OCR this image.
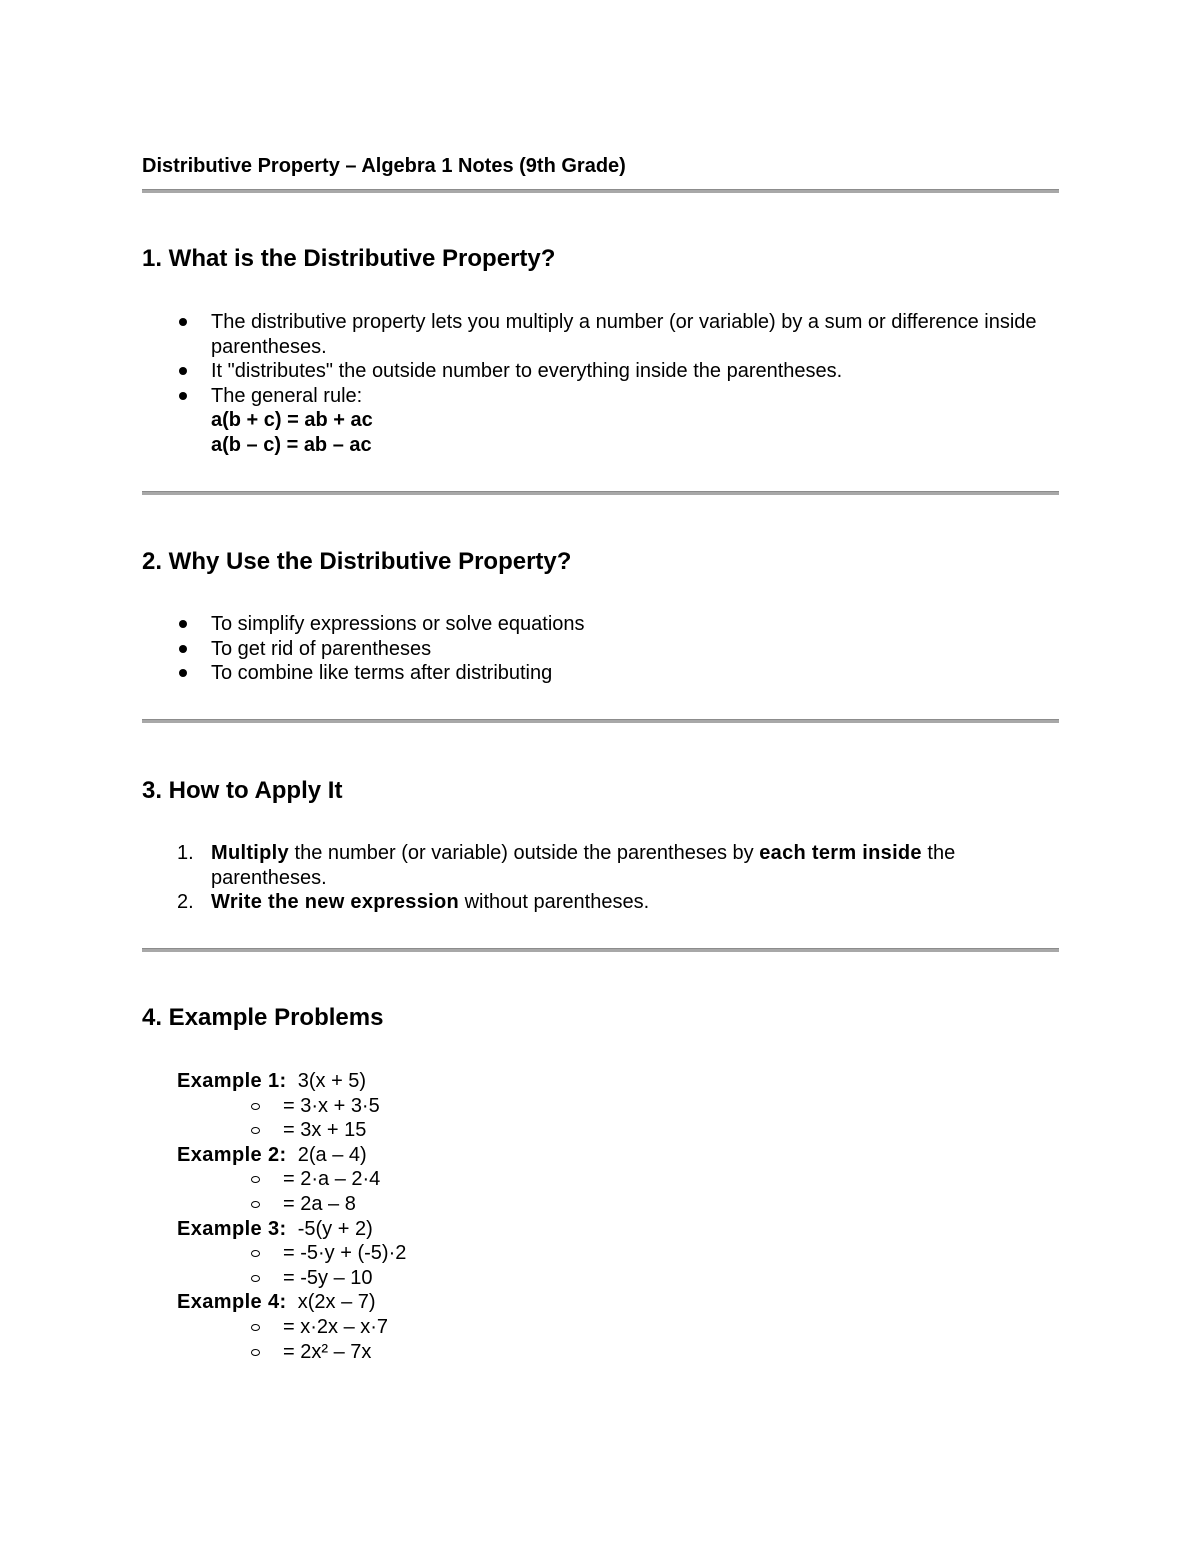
Distributive Property – Algebra 1 Notes (9th Grade)
1. What is the Distributive Property?
The distributive property lets you multiply a number (or variable) by a sum or difference inside parentheses.
It "distributes" the outside number to everything inside the parentheses.
The general rule:
a(b + c) = ab + ac
a(b – c) = ab – ac
2. Why Use the Distributive Property?
To simplify expressions or solve equations
To get rid of parentheses
To combine like terms after distributing
3. How to Apply It
1. Multiply the number (or variable) outside the parentheses by each term inside the parentheses.
2. Write the new expression without parentheses.
4. Example Problems
Example 1: 3(x + 5)
= 3·x + 3·5
= 3x + 15
Example 2: 2(a – 4)
= 2·a – 2·4
= 2a – 8
Example 3: -5(y + 2)
= -5·y + (-5)·2
= -5y – 10
Example 4: x(2x – 7)
= x·2x – x·7
= 2x² – 7x
